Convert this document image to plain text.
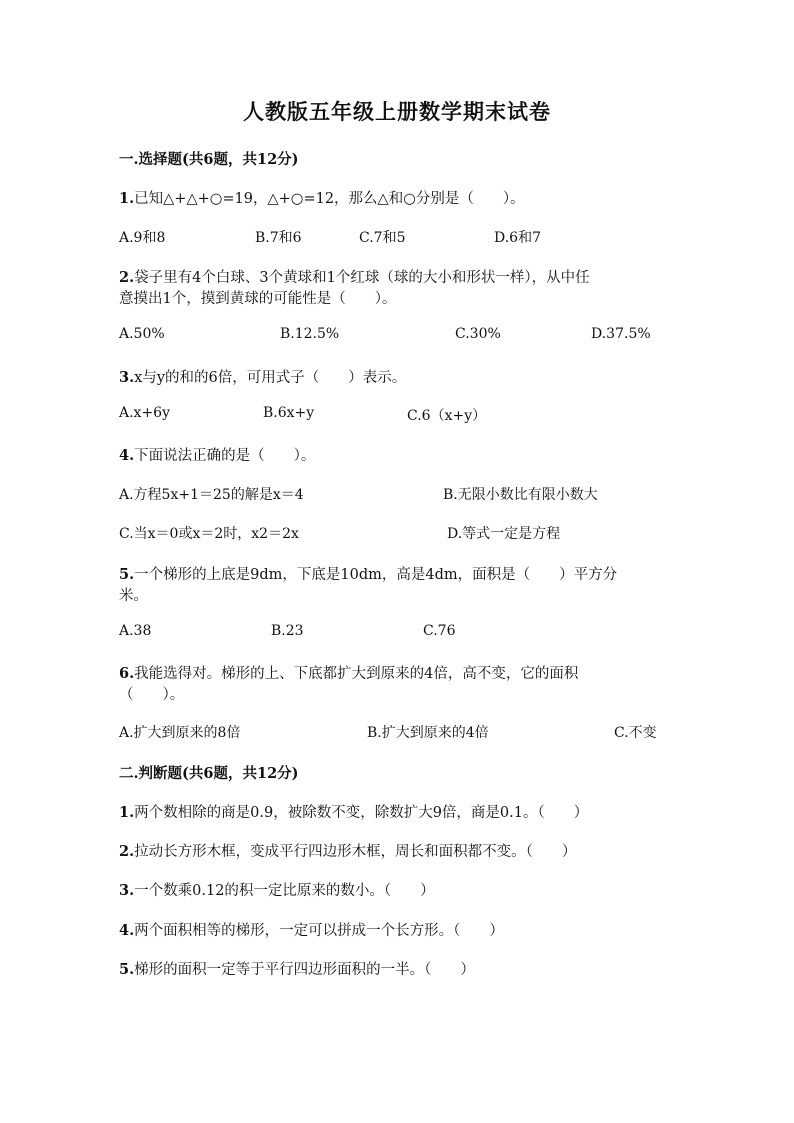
人教版五年级上册数学期末试卷
一.选择题(共6题，共12分)
1.已知△+△+○=19，△+○=12，那么△和○分别是（　　）。
A.9和8	B.7和6	C.7和5	D.6和7
2.袋子里有4个白球、3个黄球和1个红球（球的大小和形状一样），从中任
意摸出1个，摸到黄球的可能性是（　　）。
A.50%	B.12.5%	C.30%	D.37.5%
3.x与y的和的6倍，可用式子（　　）表示。
A.x+6y	B.6x+y	C.6（x+y）
4.下面说法正确的是（　　）。
A.方程5x+1＝25的解是x＝4	B.无限小数比有限小数大
C.当x＝0或x＝2时，x2＝2x	D.等式一定是方程
5.一个梯形的上底是9dm，下底是10dm，高是4dm，面积是（　　）平方分
米。
A.38	B.23	C.76
6.我能选得对。梯形的上、下底都扩大到原来的4倍，高不变，它的面积
（　　）。
A.扩大到原来的8倍	B.扩大到原来的4倍	C.不变
二.判断题(共6题，共12分)
1.两个数相除的商是0.9，被除数不变，除数扩大9倍，商是0.1。（　　）
2.拉动长方形木框，变成平行四边形木框，周长和面积都不变。（　　）
3.一个数乘0.12的积一定比原来的数小。（　　）
4.两个面积相等的梯形，一定可以拼成一个长方形。（　　）
5.梯形的面积一定等于平行四边形面积的一半。（　　）
